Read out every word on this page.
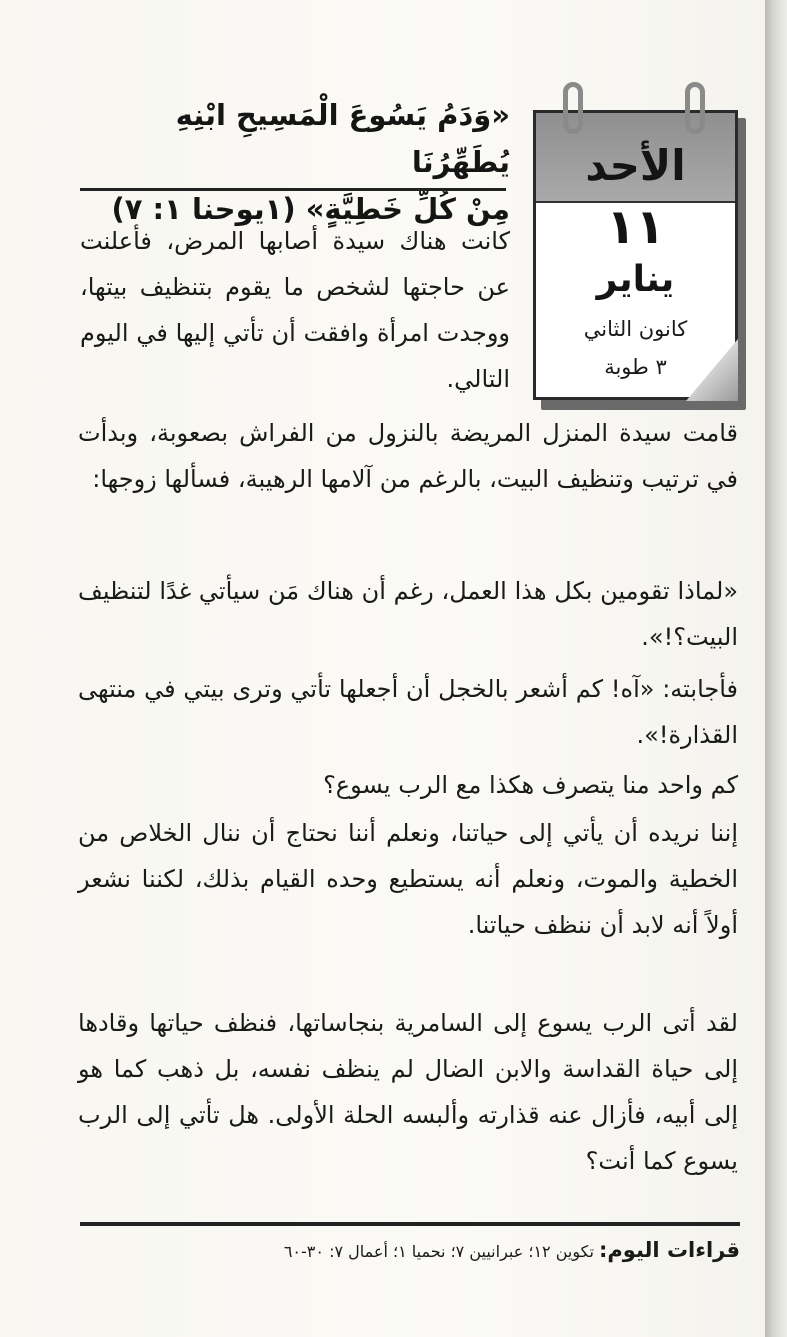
الأحد
١١
يناير
كانون الثاني
٣ طوبة
«وَدَمُ يَسُوعَ الْمَسِيحِ ابْنِهِ يُطَهِّرُنَا
مِنْ كُلِّ خَطِيَّةٍ» (١يوحنا ١: ٧)
كانت هناك سيدة أصابها المرض، فأعلنت عن حاجتها لشخص ما يقوم بتنظيف بيتها، ووجدت امرأة وافقت أن تأتي إليها في اليوم التالي.
قامت سيدة المنزل المريضة بالنزول من الفراش بصعوبة، وبدأت في ترتيب وتنظيف البيت، بالرغم من آلامها الرهيبة، فسألها زوجها:
«لماذا تقومين بكل هذا العمل، رغم أن هناك مَن سيأتي غدًا لتنظيف البيت؟!».
فأجابته: «آه! كم أشعر بالخجل أن أجعلها تأتي وترى بيتي في منتهى القذارة!».
كم واحد منا يتصرف هكذا مع الرب يسوع؟
إننا نريده أن يأتي إلى حياتنا، ونعلم أننا نحتاج أن ننال الخلاص من الخطية والموت، ونعلم أنه يستطيع وحده القيام بذلك، لكننا نشعر أولاً أنه لابد أن ننظف حياتنا.
لقد أتى الرب يسوع إلى السامرية بنجاساتها، فنظف حياتها وقادها إلى حياة القداسة والابن الضال لم ينظف نفسه، بل ذهب كما هو إلى أبيه، فأزال عنه قذارته وألبسه الحلة الأولى. هل تأتي إلى الرب يسوع كما أنت؟
قراءات اليوم: تكوين ١٢؛ عبرانيين ٧؛ نحميا ١؛ أعمال ٧: ٣٠-٦٠
